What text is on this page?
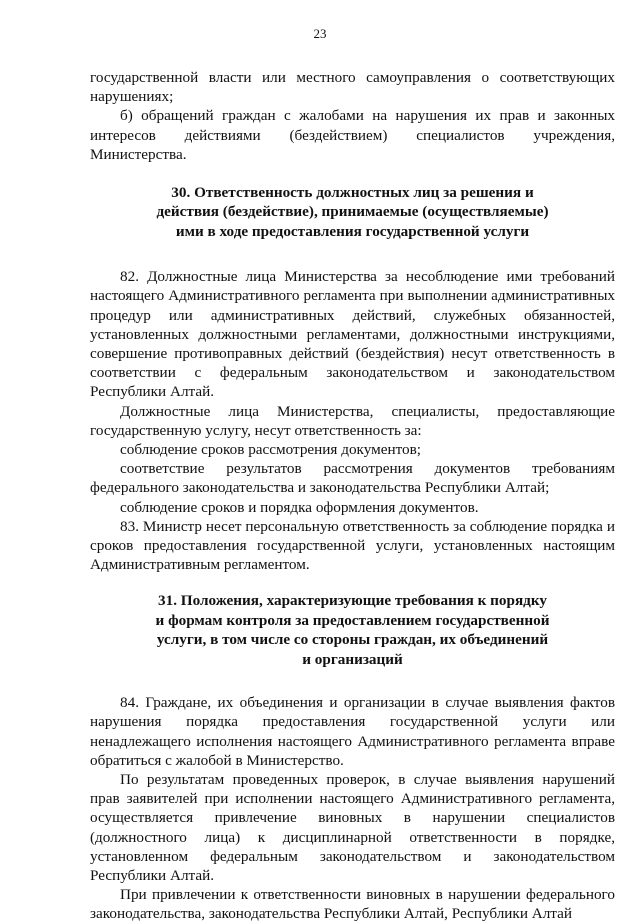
23

государственной власти или местного самоуправления о соответствующих нарушениях;

б) обращений граждан с жалобами на нарушения их прав и законных интересов действиями (бездействием) специалистов учреждения, Министерства.

30. Ответственность должностных лиц за решения и
действия (бездействие), принимаемые (осуществляемые)
ими в ходе предоставления государственной услуги

82. Должностные лица Министерства за несоблюдение ими требований настоящего Административного регламента при выполнении административных процедур или административных действий, служебных обязанностей, установленных должностными регламентами, должностными инструкциями, совершение противоправных действий (бездействия) несут ответственность в соответствии с федеральным законодательством и законодательством Республики Алтай.

Должностные лица Министерства, специалисты, предоставляющие государственную услугу, несут ответственность за:

соблюдение сроков рассмотрения документов;

соответствие результатов рассмотрения документов требованиям федерального законодательства и законодательства Республики Алтай;

соблюдение сроков и порядка оформления документов.

83. Министр несет персональную ответственность за соблюдение порядка и сроков предоставления государственной услуги, установленных настоящим Административным регламентом.

31. Положения, характеризующие требования к порядку
и формам контроля за предоставлением государственной
услуги, в том числе со стороны граждан, их объединений
и организаций

84. Граждане, их объединения и организации в случае выявления фактов нарушения порядка предоставления государственной услуги или ненадлежащего исполнения настоящего Административного регламента вправе обратиться с жалобой в Министерство.

По результатам проведенных проверок, в случае выявления нарушений прав заявителей при исполнении настоящего Административного регламента, осуществляется привлечение виновных в нарушении специалистов (должностного лица) к дисциплинарной ответственности в порядке, установленном федеральным законодательством и законодательством Республики Алтай.

При привлечении к ответственности виновных в нарушении федерального законодательства, законодательства Республики Алтай, Республики Алтай
